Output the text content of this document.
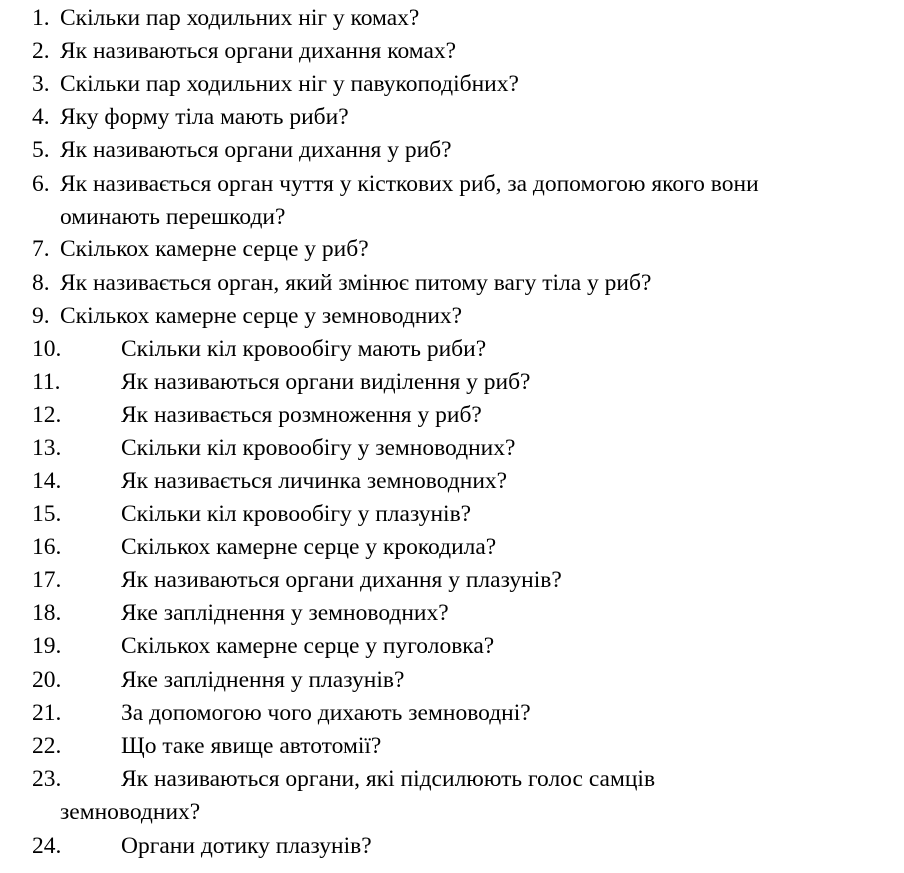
1. Скільки пар ходильних ніг у комах?
2. Як називаються органи дихання комах?
3. Скільки пар ходильних ніг у павукоподібних?
4. Яку форму тіла мають риби?
5. Як називаються органи дихання у риб?
6. Як називається орган чуття у кісткових риб, за допомогою якого вони
оминають перешкоди?
7. Скількох камерне серце у риб?
8. Як називається орган, який змінює питому вагу тіла у риб?
9. Скількох камерне серце у земноводних?
10.	Скільки кіл кровообігу мають риби?
11.	Як називаються органи виділення у риб?
12.	Як називається розмноження у риб?
13.	Скільки кіл кровообігу у земноводних?
14.	Як називається личинка земноводних?
15.	Скільки кіл кровообігу у плазунів?
16.	Скількох камерне серце у крокодила?
17.	Як називаються органи дихання у плазунів?
18.	Яке запліднення у земноводних?
19.	Скількох камерне серце у пуголовка?
20.	Яке запліднення у плазунів?
21.	За допомогою чого дихають земноводні?
22.	Що таке явище автотомії?
23.	Як називаються органи, які підсилюють голос самців
земноводних?
24.	Органи дотику плазунів?
